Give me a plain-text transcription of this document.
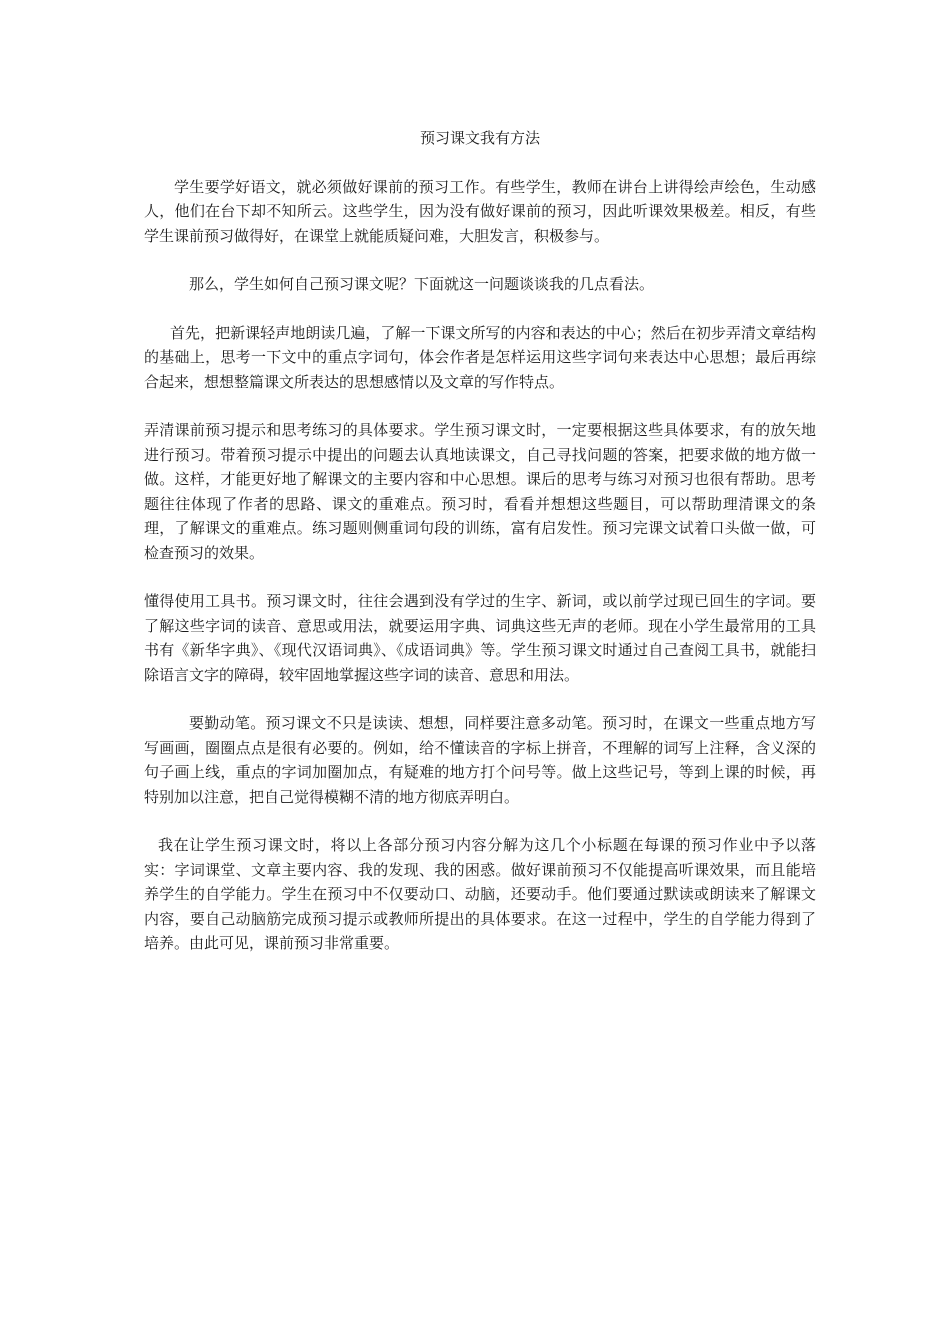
预习课文我有方法

学生要学好语文，就必须做好课前的预习工作。有些学生，教师在讲台上讲得绘声绘色，生动感人，他们在台下却不知所云。这些学生，因为没有做好课前的预习，因此听课效果极差。相反，有些学生课前预习做得好，在课堂上就能质疑问难，大胆发言，积极参与。

那么，学生如何自己预习课文呢？下面就这一问题谈谈我的几点看法。

首先，把新课轻声地朗读几遍，了解一下课文所写的内容和表达的中心；然后在初步弄清文章结构的基础上，思考一下文中的重点字词句，体会作者是怎样运用这些字词句来表达中心思想；最后再综合起来，想想整篇课文所表达的思想感情以及文章的写作特点。

弄清课前预习提示和思考练习的具体要求。学生预习课文时，一定要根据这些具体要求，有的放矢地进行预习。带着预习提示中提出的问题去认真地读课文，自己寻找问题的答案，把要求做的地方做一做。这样，才能更好地了解课文的主要内容和中心思想。课后的思考与练习对预习也很有帮助。思考题往往体现了作者的思路、课文的重难点。预习时，看看并想想这些题目，可以帮助理清课文的条理，了解课文的重难点。练习题则侧重词句段的训练，富有启发性。预习完课文试着口头做一做，可检查预习的效果。

懂得使用工具书。预习课文时，往往会遇到没有学过的生字、新词，或以前学过现已回生的字词。要了解这些字词的读音、意思或用法，就要运用字典、词典这些无声的老师。现在小学生最常用的工具书有《新华字典》、《现代汉语词典》、《成语词典》等。学生预习课文时通过自己查阅工具书，就能扫除语言文字的障碍，较牢固地掌握这些字词的读音、意思和用法。

要勤动笔。预习课文不只是读读、想想，同样要注意多动笔。预习时，在课文一些重点地方写写画画，圈圈点点是很有必要的。例如，给不懂读音的字标上拼音，不理解的词写上注释，含义深的句子画上线，重点的字词加圈加点，有疑难的地方打个问号等。做上这些记号，等到上课的时候，再特别加以注意，把自己觉得模糊不清的地方彻底弄明白。

我在让学生预习课文时，将以上各部分预习内容分解为这几个小标题在每课的预习作业中予以落实：字词课堂、文章主要内容、我的发现、我的困惑。做好课前预习不仅能提高听课效果，而且能培养学生的自学能力。学生在预习中不仅要动口、动脑，还要动手。他们要通过默读或朗读来了解课文内容，要自己动脑筋完成预习提示或教师所提出的具体要求。在这一过程中，学生的自学能力得到了培养。由此可见，课前预习非常重要。
